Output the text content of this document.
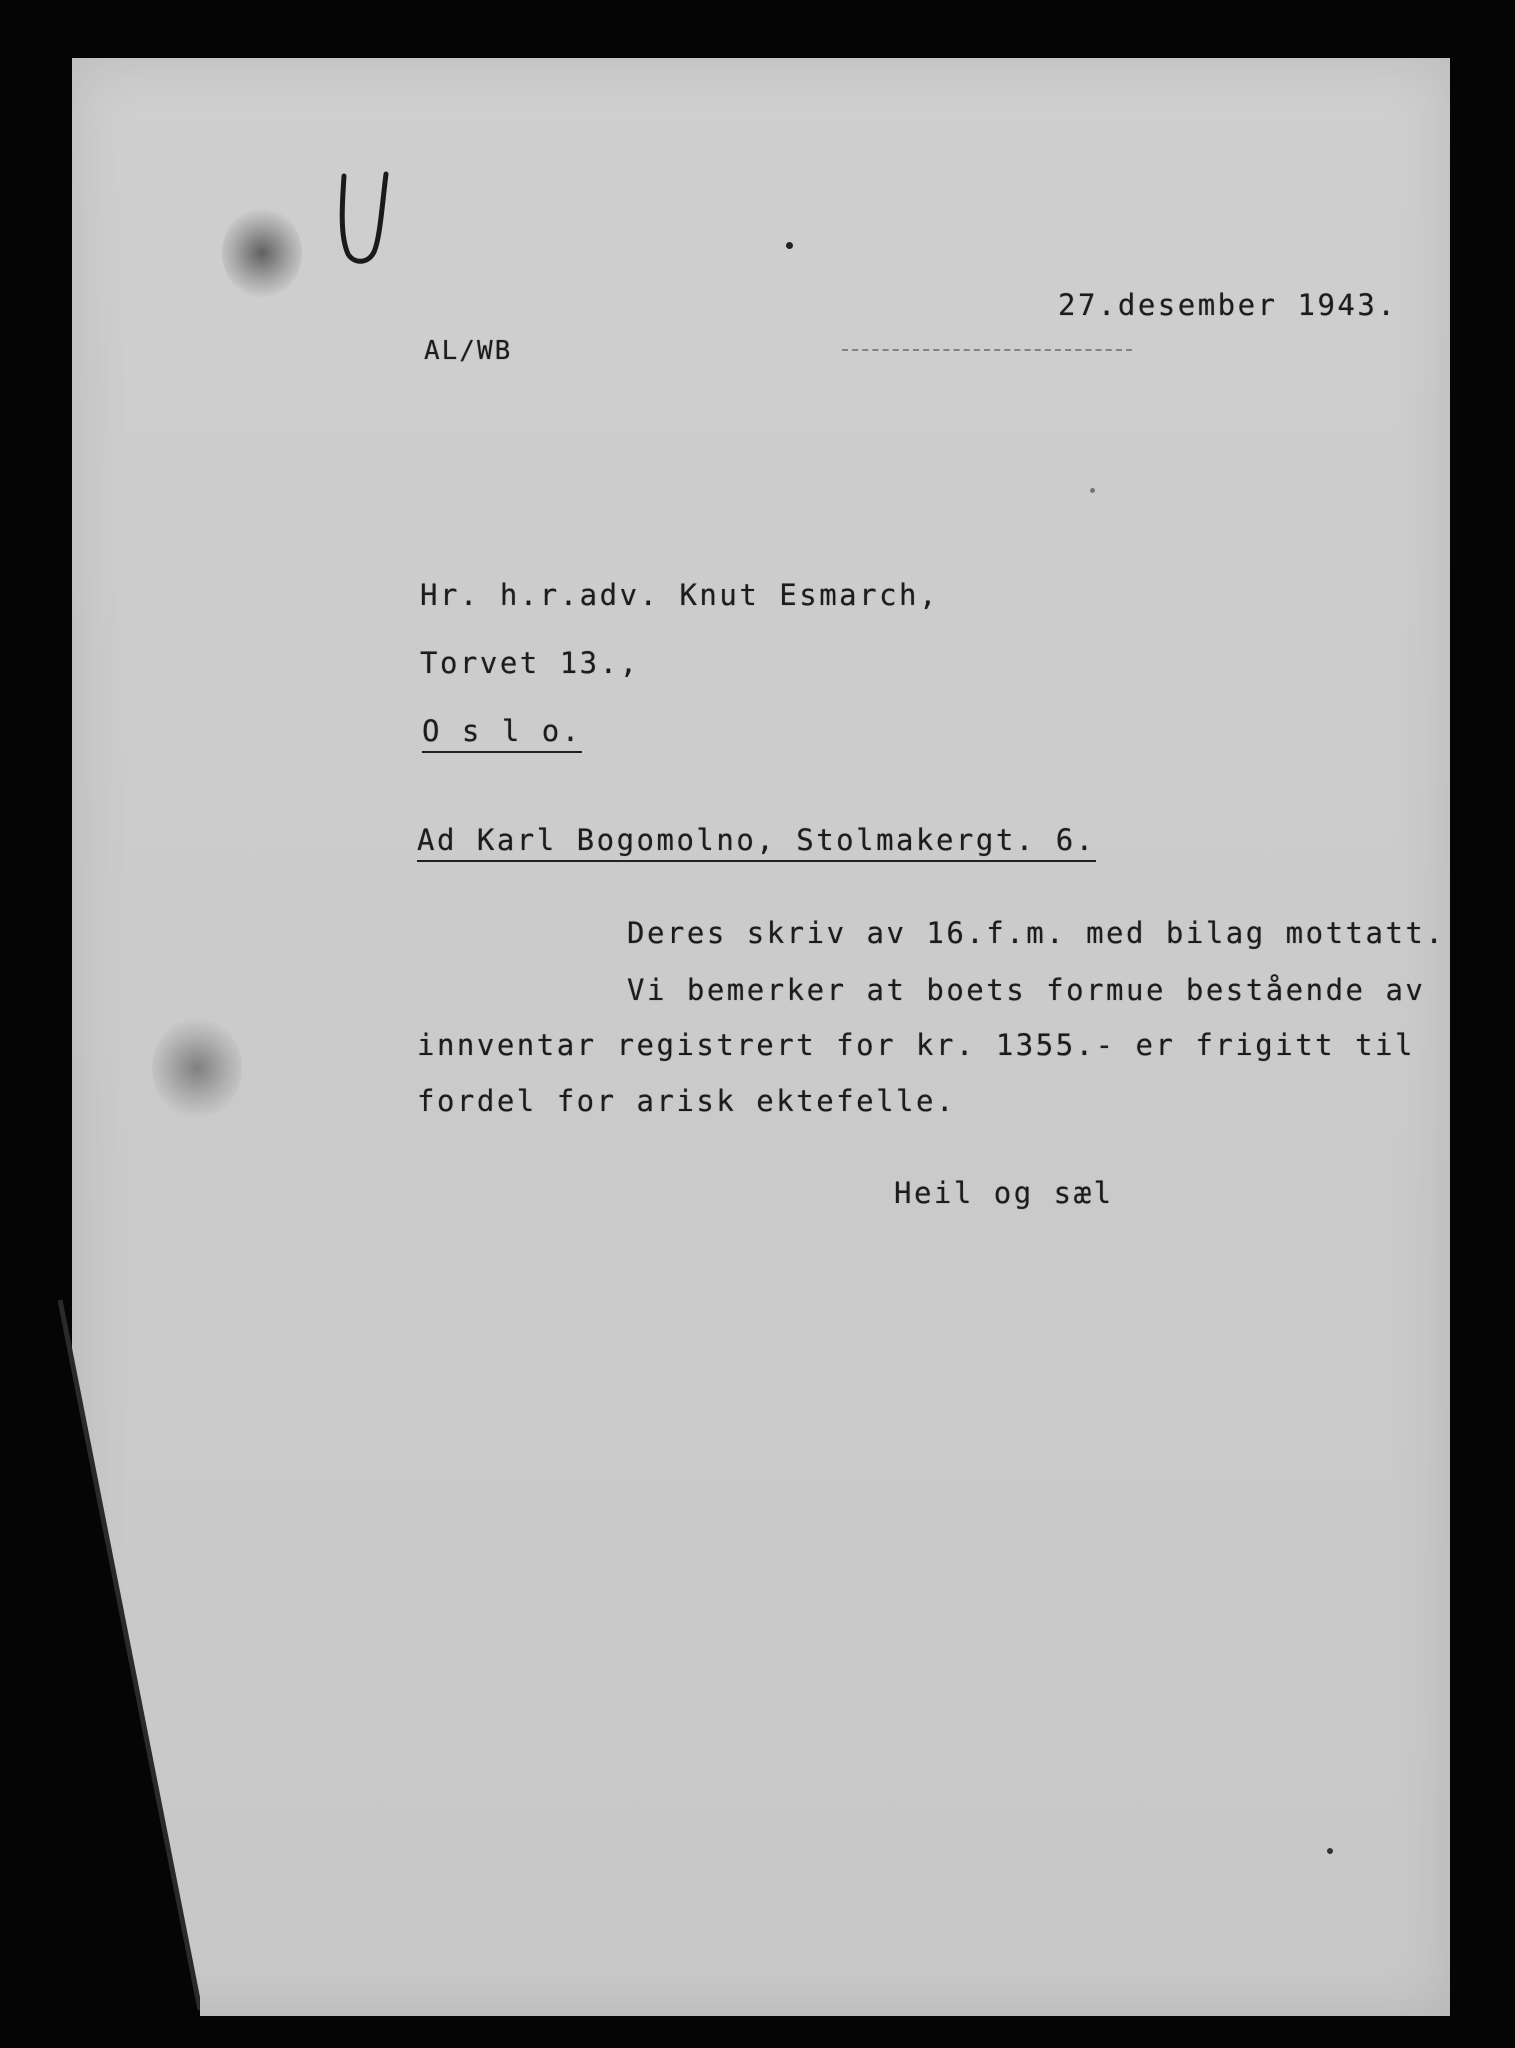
27.desember 1943.

AL/WB

Hr. h.r.adv. Knut Esmarch,

Torvet 13.,

O s l o.

Ad Karl Bogomolno, Stolmakergt. 6.

Deres skriv av 16.f.m. med bilag mottatt.

Vi bemerker at boets formue bestående av

innventar registrert for kr. 1355.- er frigitt til

fordel for arisk ektefelle.

Heil og sæl
